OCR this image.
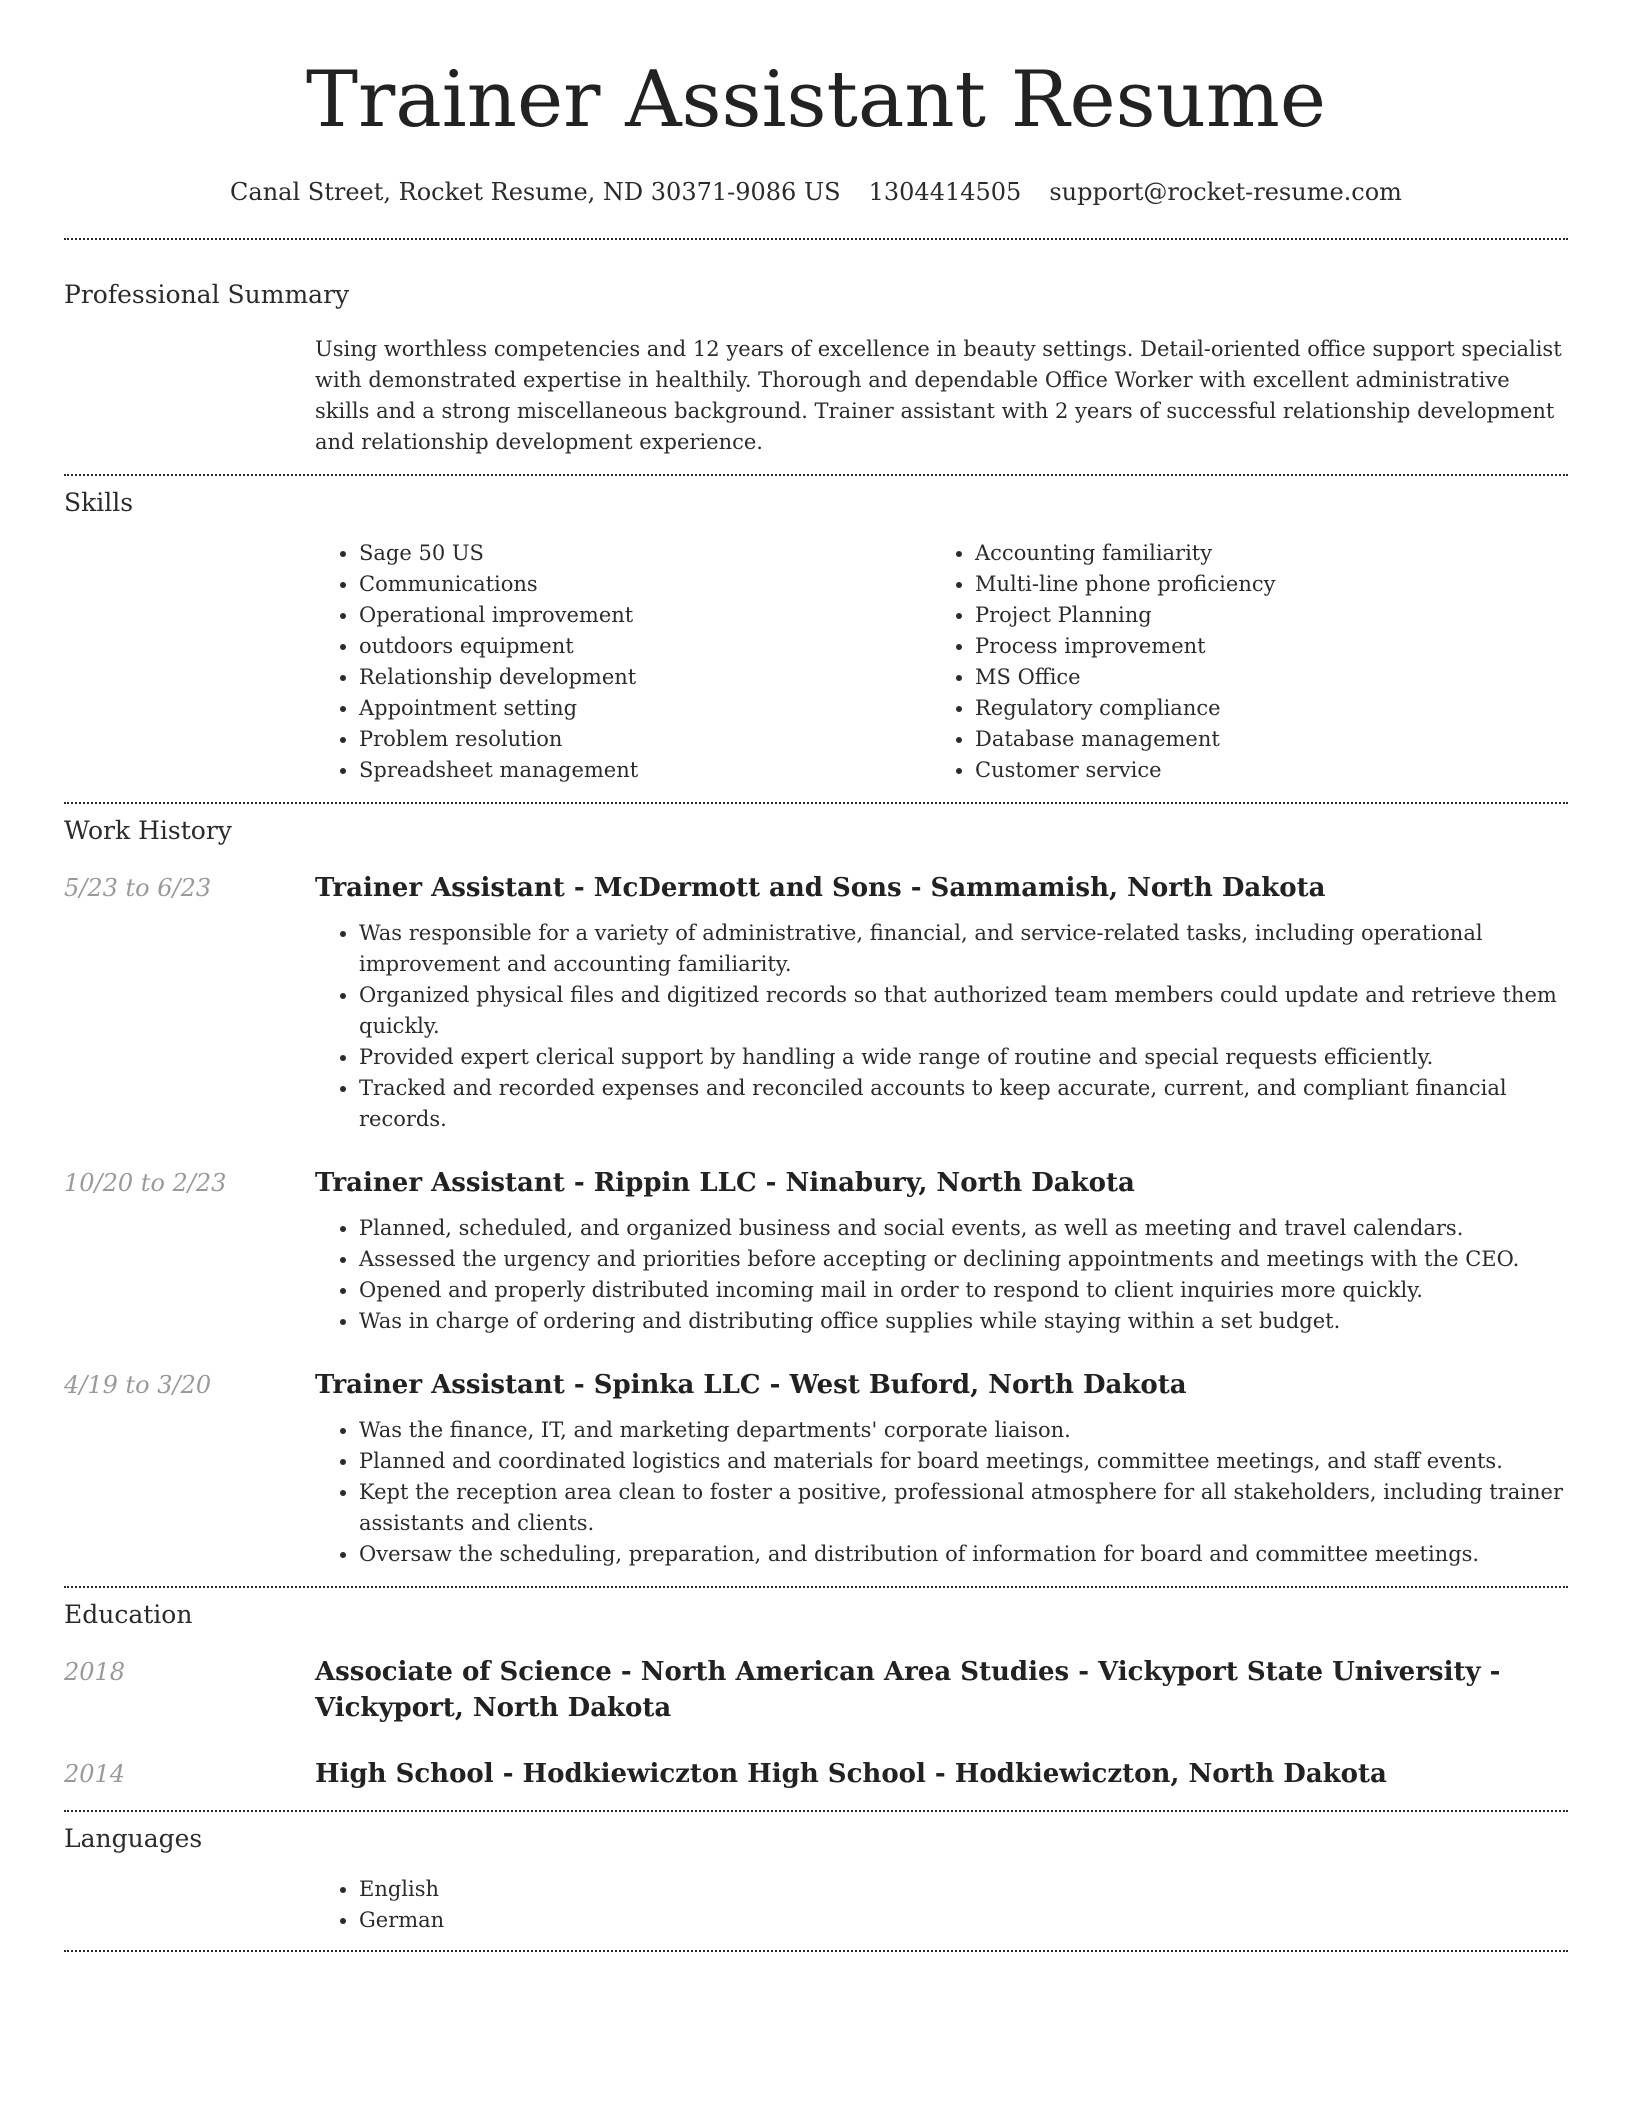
Trainer Assistant Resume
Canal Street, Rocket Resume, ND 30371-9086 US 1304414505 support@rocket-resume.com
Professional Summary

Using worthless competencies and 12 years of excellence in beauty settings. Detail-oriented office support specialist with demonstrated expertise in healthily. Thorough and dependable Office Worker with excellent administrative skills and a strong miscellaneous background. Trainer assistant with 2 years of successful relationship development and relationship development experience.

Skills
• Sage 50 US
• Communications
• Operational improvement
• outdoors equipment
• Relationship development
• Appointment setting
• Problem resolution
• Spreadsheet management
• Accounting familiarity
• Multi-line phone proficiency
• Project Planning
• Process improvement
• MS Office
• Regulatory compliance
• Database management
• Customer service
Work History
5/23 to 6/23	Trainer Assistant - McDermott and Sons - Sammamish, North Dakota
• Was responsible for a variety of administrative, financial, and service-related tasks, including operational improvement and accounting familiarity.
• Organized physical files and digitized records so that authorized team members could update and retrieve them quickly.
• Provided expert clerical support by handling a wide range of routine and special requests efficiently.
• Tracked and recorded expenses and reconciled accounts to keep accurate, current, and compliant financial records.
10/20 to 2/23	Trainer Assistant - Rippin LLC - Ninabury, North Dakota
• Planned, scheduled, and organized business and social events, as well as meeting and travel calendars.
• Assessed the urgency and priorities before accepting or declining appointments and meetings with the CEO.
• Opened and properly distributed incoming mail in order to respond to client inquiries more quickly.
• Was in charge of ordering and distributing office supplies while staying within a set budget.
4/19 to 3/20	Trainer Assistant - Spinka LLC - West Buford, North Dakota
• Was the finance, IT, and marketing departments' corporate liaison.
• Planned and coordinated logistics and materials for board meetings, committee meetings, and staff events.
• Kept the reception area clean to foster a positive, professional atmosphere for all stakeholders, including trainer assistants and clients.
• Oversaw the scheduling, preparation, and distribution of information for board and committee meetings.
Education
2018	Associate of Science - North American Area Studies - Vickyport State University - Vickyport, North Dakota
2014	High School - Hodkiewiczton High School - Hodkiewiczton, North Dakota
Languages
• English
• German
